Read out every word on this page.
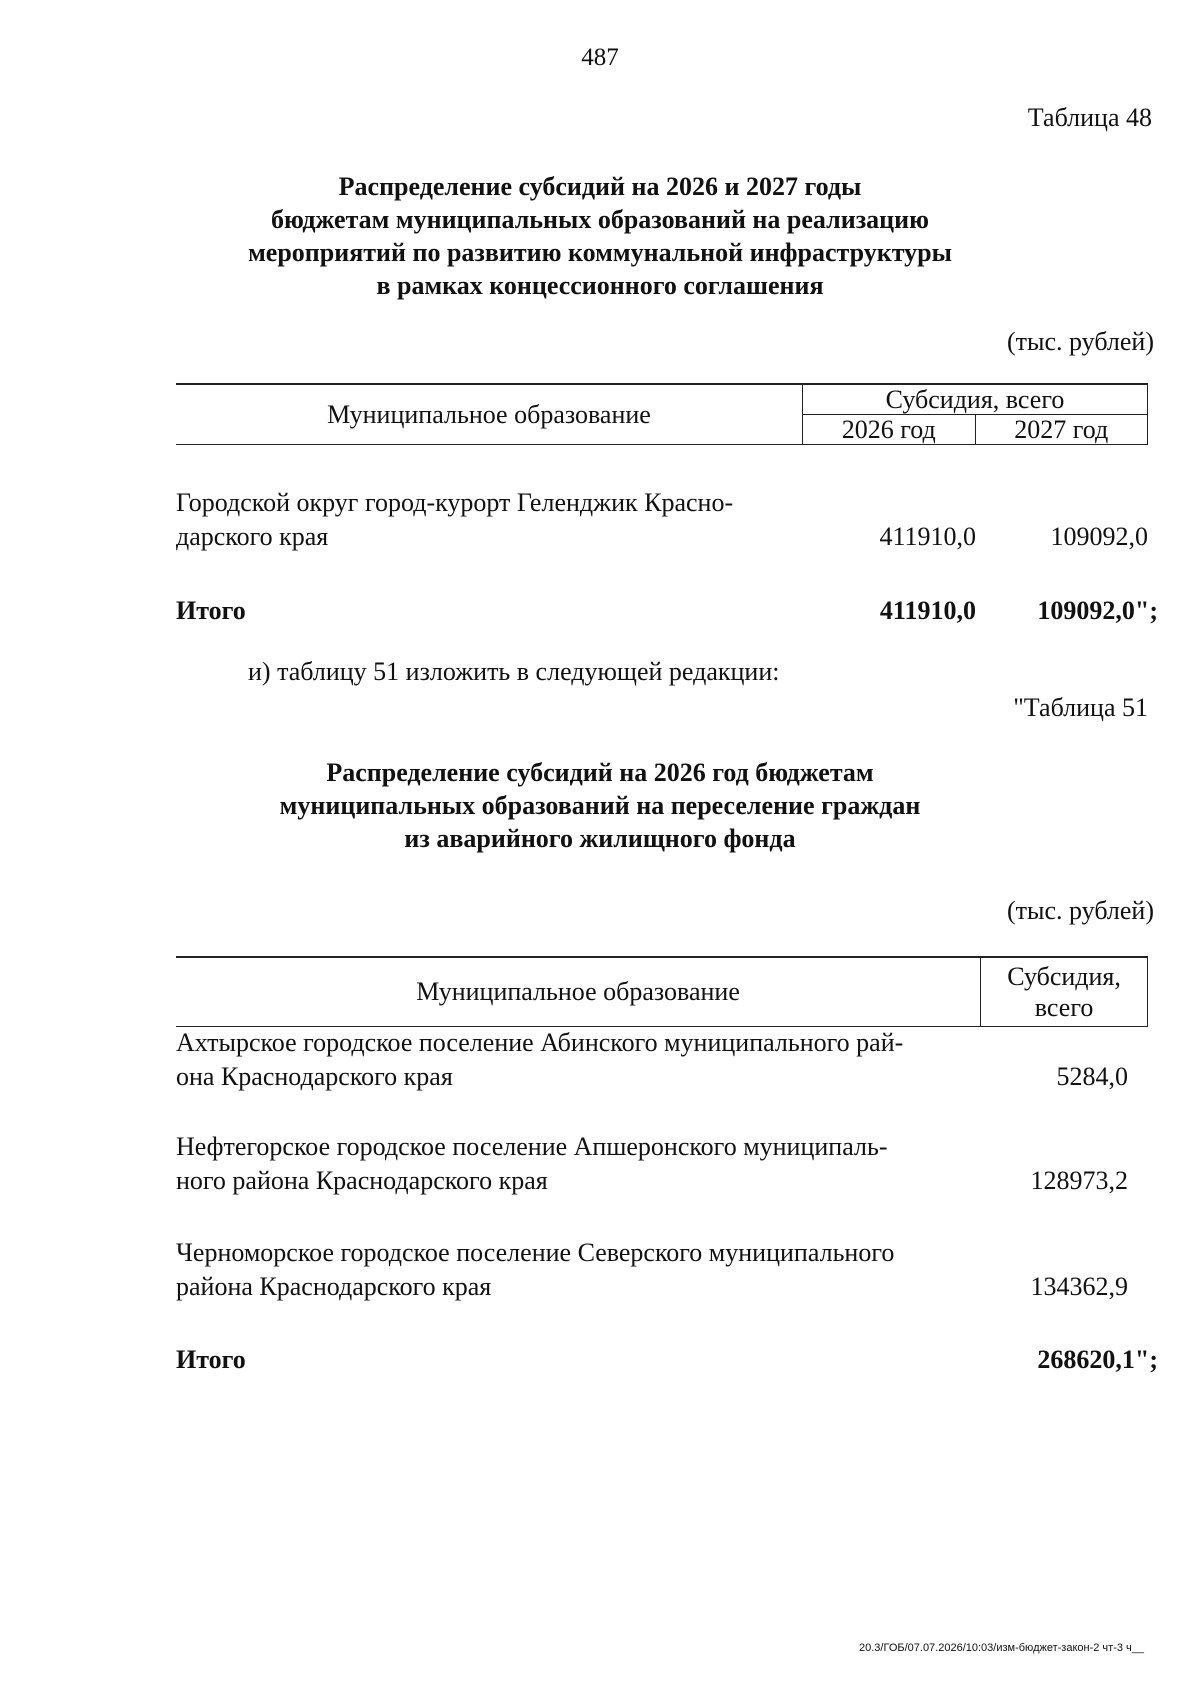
487
Таблица 48
Распределение субсидий на 2026 и 2027 годы
бюджетам муниципальных образований на реализацию
мероприятий по развитию коммунальной инфраструктуры
в рамках концессионного соглашения
(тыс. рублей)
Муниципальное образование	Субсидия, всего	
	2026 год	2027 год
Городской округ город-курорт Геленджик Красно-
дарского края	411910,0	109092,0
Итого	411910,0 109092,0";
и) таблицу 51 изложить в следующей редакции:
"Таблица 51
Распределение субсидий на 2026 год бюджетам
муниципальных образований на переселение граждан
из аварийного жилищного фонда
(тыс. рублей)
Муниципальное образование	
Субсидия,
всего
Ахтырское городское поселение Абинского муниципального рай-
она Краснодарского края	5284,0
Нефтегорское городское поселение Апшеронского муниципаль-
ного района Краснодарского края	128973,2
Черноморское городское поселение Северского муниципального
района Краснодарского края	134362,9
Итого	268620,1";
20.3/ГОБ/07.07.2026/10:03/изм-бюджет-закон-2 чт-3 ч__
